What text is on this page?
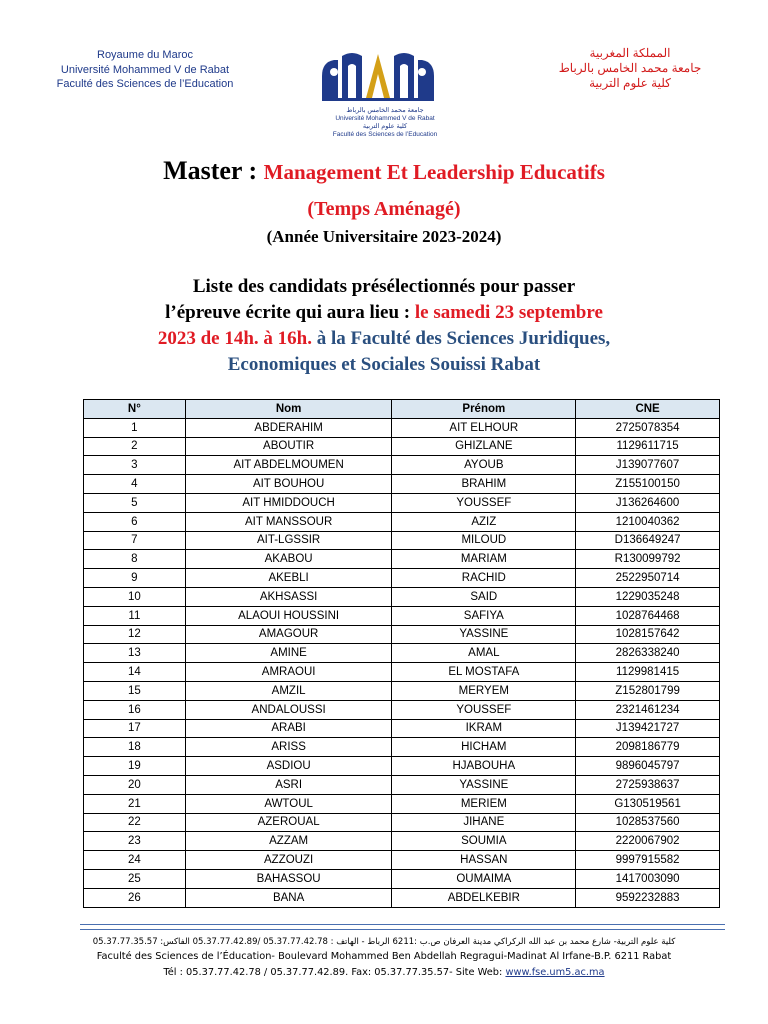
Royaume du Maroc
Université Mohammed V de Rabat
Faculté des Sciences de l’Education
جامعة محمد الخامس بالرباط
Université Mohammed V de Rabat
كلية علوم التربية
Faculté des Sciences de l’Education
المملكة المغربية
جامعة محمد الخامس بالرباط
كلية علوم التربية
Master : Management Et Leadership Educatifs
(Temps Aménagé)
(Année Universitaire 2023-2024)
Liste des candidats présélectionnés pour passer
l’épreuve écrite qui aura lieu : le samedi 23 septembre
2023 de 14h. à 16h. à la Faculté des Sciences Juridiques,
Economiques et Sociales Souissi Rabat
N°	Nom	Prénom	CNE
1	ABDERAHIM	AIT ELHOUR	2725078354
2	ABOUTIR	GHIZLANE	1129611715
3	AIT ABDELMOUMEN	AYOUB	J139077607
4	AIT BOUHOU	BRAHIM	Z155100150
5	AIT HMIDDOUCH	YOUSSEF	J136264600
6	AIT MANSSOUR	AZIZ	1210040362
7	AIT-LGSSIR	MILOUD	D136649247
8	AKABOU	MARIAM	R130099792
9	AKEBLI	RACHID	2522950714
10	AKHSASSI	SAID	1229035248
11	ALAOUI HOUSSINI	SAFIYA	1028764468
12	AMAGOUR	YASSINE	1028157642
13	AMINE	AMAL	2826338240
14	AMRAOUI	EL MOSTAFA	1129981415
15	AMZIL	MERYEM	Z152801799
16	ANDALOUSSI	YOUSSEF	2321461234
17	ARABI	IKRAM	J139421727
18	ARISS	HICHAM	2098186779
19	ASDIOU	HJABOUHA	9896045797
20	ASRI	YASSINE	2725938637
21	AWTOUL	MERIEM	G130519561
22	AZEROUAL	JIHANE	1028537560
23	AZZAM	SOUMIA	2220067902
24	AZZOUZI	HASSAN	9997915582
25	BAHASSOU	OUMAIMA	1417003090
26	BANA	ABDELKEBIR	9592232883
كلية علوم التربية- شارع محمد بن عبد الله الركراكي مدينة العرفان ص.ب :6211 الرباط - الهاتف : 05.37.77.42.78 /05.37.77.42.89 الفاكس: 05.37.77.35.57
Faculté des Sciences de l’Éducation- Boulevard Mohammed Ben Abdellah Regragui-Madinat Al Irfane-B.P. 6211 Rabat
Tél : 05.37.77.42.78 / 05.37.77.42.89. Fax: 05.37.77.35.57- Site Web: www.fse.um5.ac.ma
